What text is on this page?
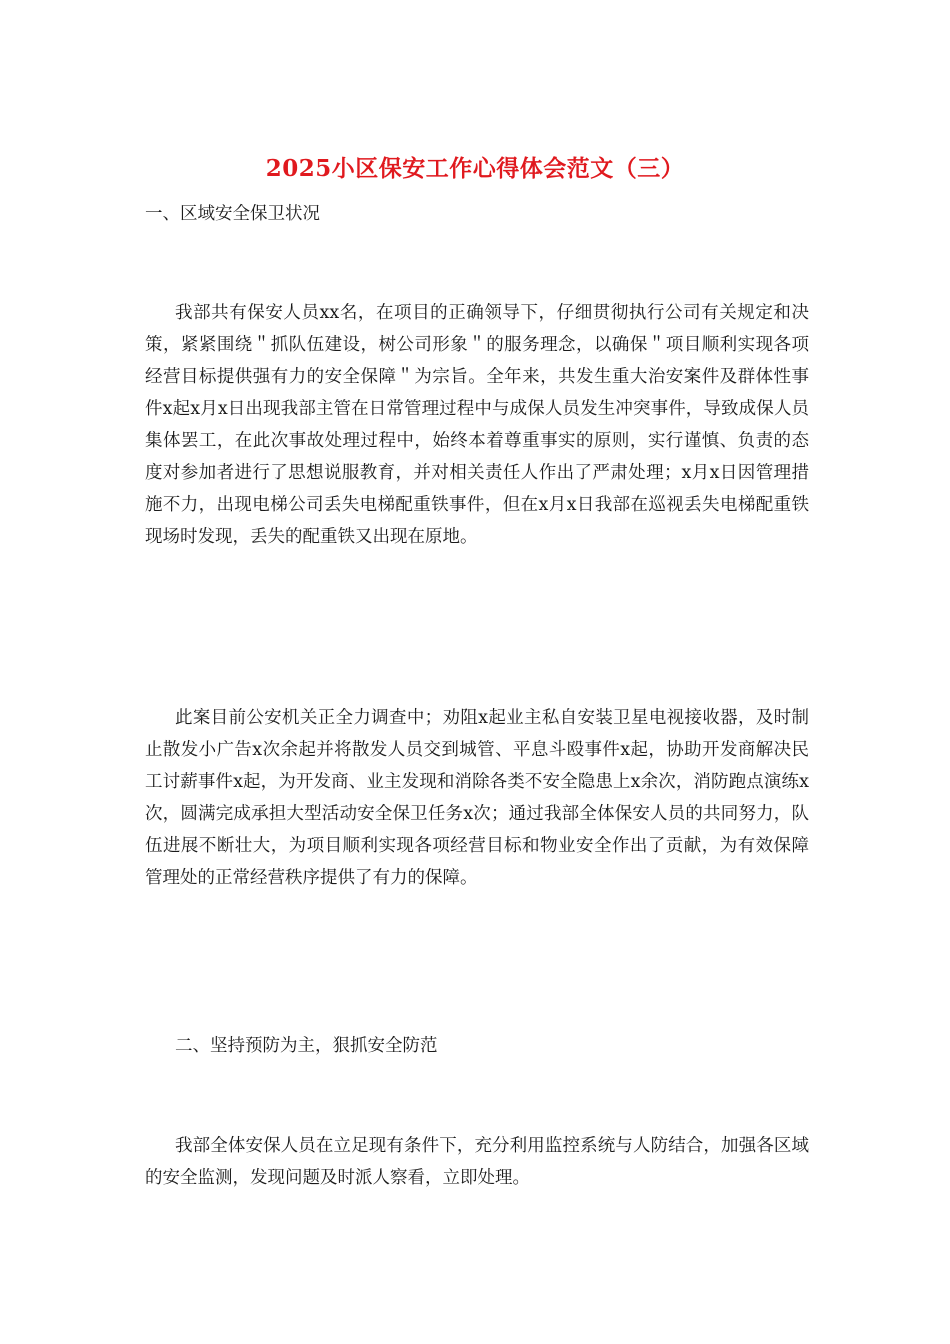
2025小区保安工作心得体会范文（三）

一、区域安全保卫状况

我部共有保安人员xx名，在项目的正确领导下，仔细贯彻执行公司有关规定和决策，紧紧围绕＂抓队伍建设，树公司形象＂的服务理念，以确保＂项目顺利实现各项经营目标提供强有力的安全保障＂为宗旨。全年来，共发生重大治安案件及群体性事件x起x月x日出现我部主管在日常管理过程中与成保人员发生冲突事件，导致成保人员集体罢工，在此次事故处理过程中，始终本着尊重事实的原则，实行谨慎、负责的态度对参加者进行了思想说服教育，并对相关责任人作出了严肃处理；x月x日因管理措施不力，出现电梯公司丢失电梯配重铁事件，但在x月x日我部在巡视丢失电梯配重铁现场时发现，丢失的配重铁又出现在原地。

此案目前公安机关正全力调查中；劝阻x起业主私自安装卫星电视接收器，及时制止散发小广告x次余起并将散发人员交到城管、平息斗殴事件x起，协助开发商解决民工讨薪事件x起，为开发商、业主发现和消除各类不安全隐患上x余次，消防跑点演练x次，圆满完成承担大型活动安全保卫任务x次；通过我部全体保安人员的共同努力，队伍进展不断壮大，为项目顺利实现各项经营目标和物业安全作出了贡献，为有效保障管理处的正常经营秩序提供了有力的保障。

二、坚持预防为主，狠抓安全防范

我部全体安保人员在立足现有条件下，充分利用监控系统与人防结合，加强各区域的安全监测，发现问题及时派人察看，立即处理。
